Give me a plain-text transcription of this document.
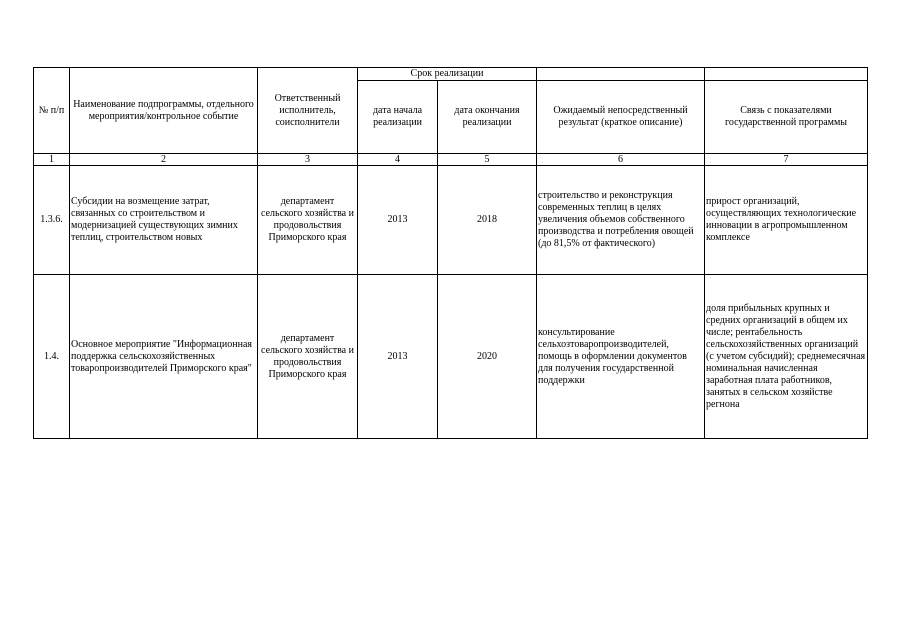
№ п/п	Наименование подпрограммы, отдельного мероприятия/контрольное событие	Ответственный исполнитель, соисполнители	Срок реализации			
			дата начала реализации	дата окончания реализации	Ожидаемый непосредственный результат (краткое описание)	Связь с показателями государственной программы
1	2	3	4	5	6	7
1.3.6.	Субсидии на возмещение затрат, связанных со строительством и модернизацией существующих зимних теплиц, строительством новых	департамент сельского хозяйства и продовольствия Приморского края	2013	2018	строительство и реконструкция современных теплиц в целях увеличения объемов собственного производства и потребления овощей (до 81,5% от фактического)	прирост организаций, осуществляющих технологические инновации в агропромышленном комплексе
1.4.	Основное мероприятие "Информационная поддержка сельскохозяйственных товаропроизводителей Приморского края"	департамент сельского хозяйства и продовольствия Приморского края	2013	2020	консультирование сельхозтоваропроизводителей, помощь в оформлении документов для получения государственной поддержки	доля прибыльных крупных и средних организаций в общем их числе; рентабельность сельскохозяйственных организаций (с учетом субсидий); среднемесячная номинальная начисленная заработная плата работников, занятых в сельском хозяйстве регнона
